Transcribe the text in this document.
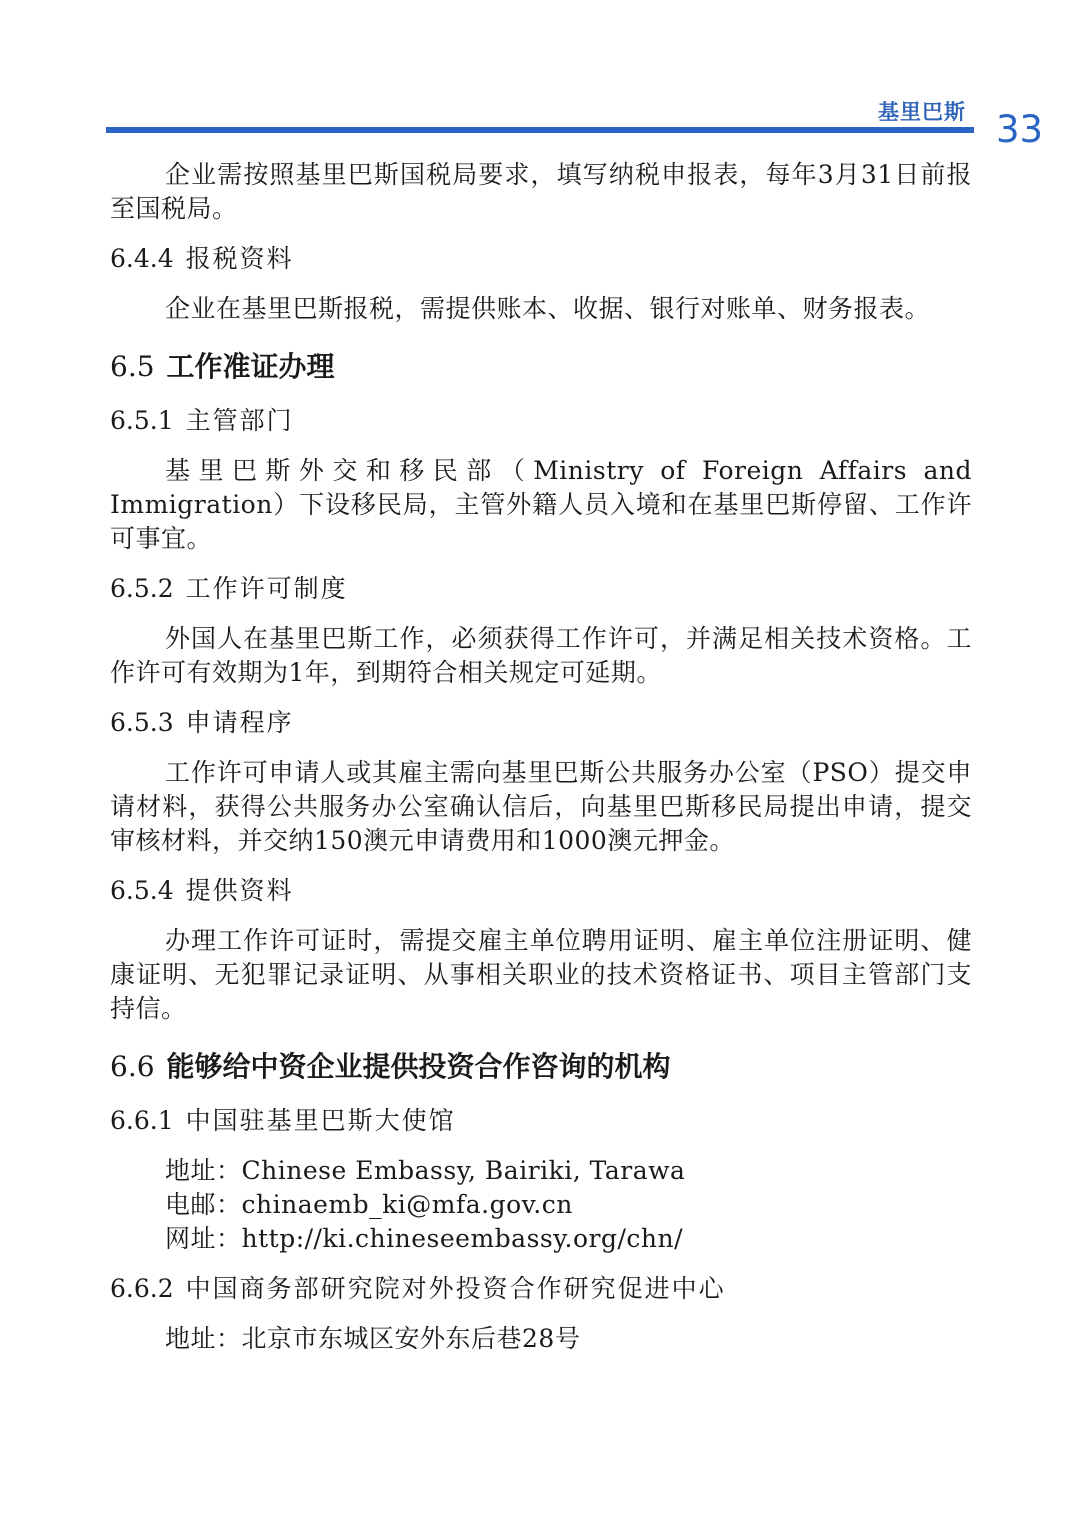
基里巴斯 33

企业需按照基里巴斯国税局要求，填写纳税申报表，每年3月31日前报至国税局。

6.4.4 报税资料

企业在基里巴斯报税，需提供账本、收据、银行对账单、财务报表。

6.5 工作准证办理
6.5.1 主管部门

基里巴斯外交和移民部（Ministry of Foreign Affairs and Immigration）下设移民局，主管外籍人员入境和在基里巴斯停留、工作许可事宜。

6.5.2 工作许可制度

外国人在基里巴斯工作，必须获得工作许可，并满足相关技术资格。工作许可有效期为1年，到期符合相关规定可延期。

6.5.3 申请程序

工作许可申请人或其雇主需向基里巴斯公共服务办公室（PSO）提交申请材料，获得公共服务办公室确认信后，向基里巴斯移民局提出申请，提交审核材料，并交纳150澳元申请费用和1000澳元押金。

6.5.4 提供资料

办理工作许可证时，需提交雇主单位聘用证明、雇主单位注册证明、健康证明、无犯罪记录证明、从事相关职业的技术资格证书、项目主管部门支持信。

6.6 能够给中资企业提供投资合作咨询的机构
6.6.1 中国驻基里巴斯大使馆
地址：Chinese Embassy, Bairiki, Tarawa
电邮：chinaemb_ki@mfa.gov.cn
网址：http://ki.chineseembassy.org/chn/
6.6.2 中国商务部研究院对外投资合作研究促进中心
地址：北京市东城区安外东后巷28号
